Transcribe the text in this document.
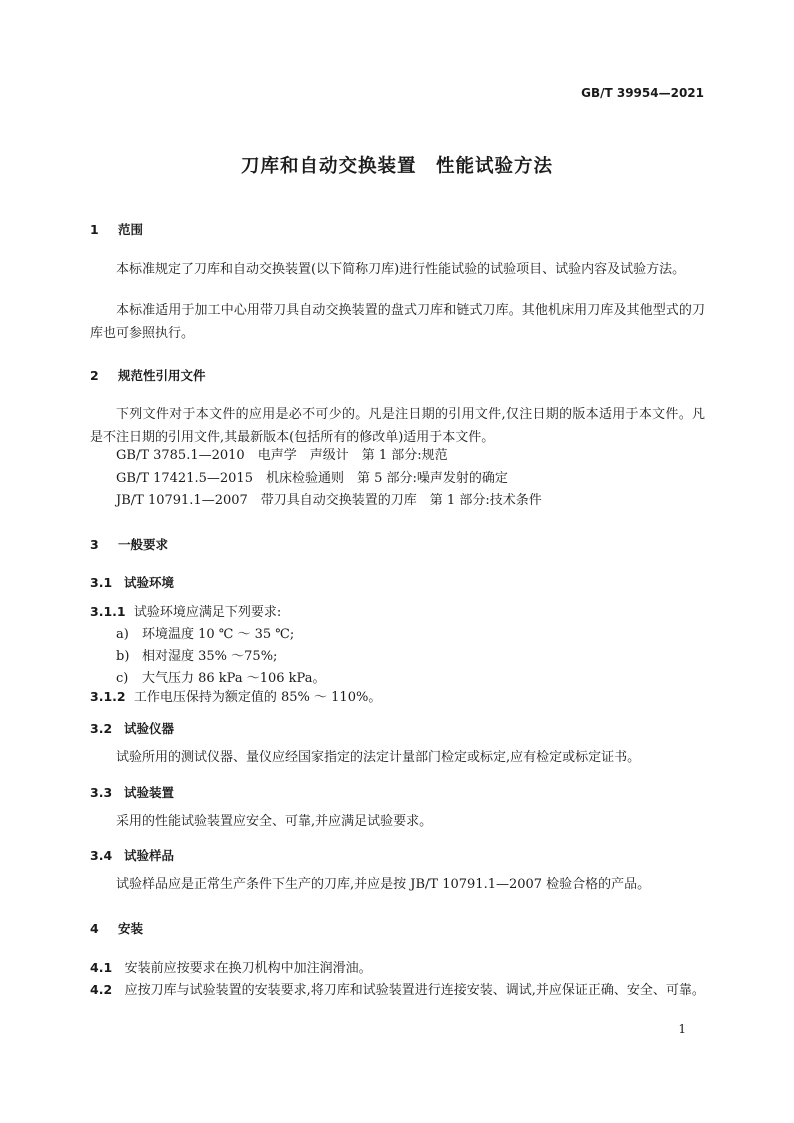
GB/T 39954—2021
刀库和自动交换装置　性能试验方法
1 范围
本标准规定了刀库和自动交换装置(以下简称刀库)进行性能试验的试验项目、试验内容及试验方法。
本标准适用于加工中心用带刀具自动交换装置的盘式刀库和链式刀库。其他机床用刀库及其他型式的刀库也可参照执行。
2 规范性引用文件
下列文件对于本文件的应用是必不可少的。凡是注日期的引用文件,仅注日期的版本适用于本文件。凡是不注日期的引用文件,其最新版本(包括所有的修改单)适用于本文件。
GB/T 3785.1—2010　电声学　声级计　第 1 部分:规范
GB/T 17421.5—2015　机床检验通则　第 5 部分:噪声发射的确定
JB/T 10791.1—2007　带刀具自动交换装置的刀库　第 1 部分:技术条件
3 一般要求
3.1 试验环境
3.1.1 试验环境应满足下列要求:
a) 环境温度 10 ℃ ～ 35 ℃;
b) 相对湿度 35% ～75%;
c) 大气压力 86 kPa ～106 kPa。
3.1.2 工作电压保持为额定值的 85% ～ 110%。
3.2 试验仪器
试验所用的测试仪器、量仪应经国家指定的法定计量部门检定或标定,应有检定或标定证书。
3.3 试验装置
采用的性能试验装置应安全、可靠,并应满足试验要求。
3.4 试验样品
试验样品应是正常生产条件下生产的刀库,并应是按 JB/T 10791.1—2007 检验合格的产品。
4 安装
4.1 安装前应按要求在换刀机构中加注润滑油。
4.2 应按刀库与试验装置的安装要求,将刀库和试验装置进行连接安装、调试,并应保证正确、安全、可靠。
1
